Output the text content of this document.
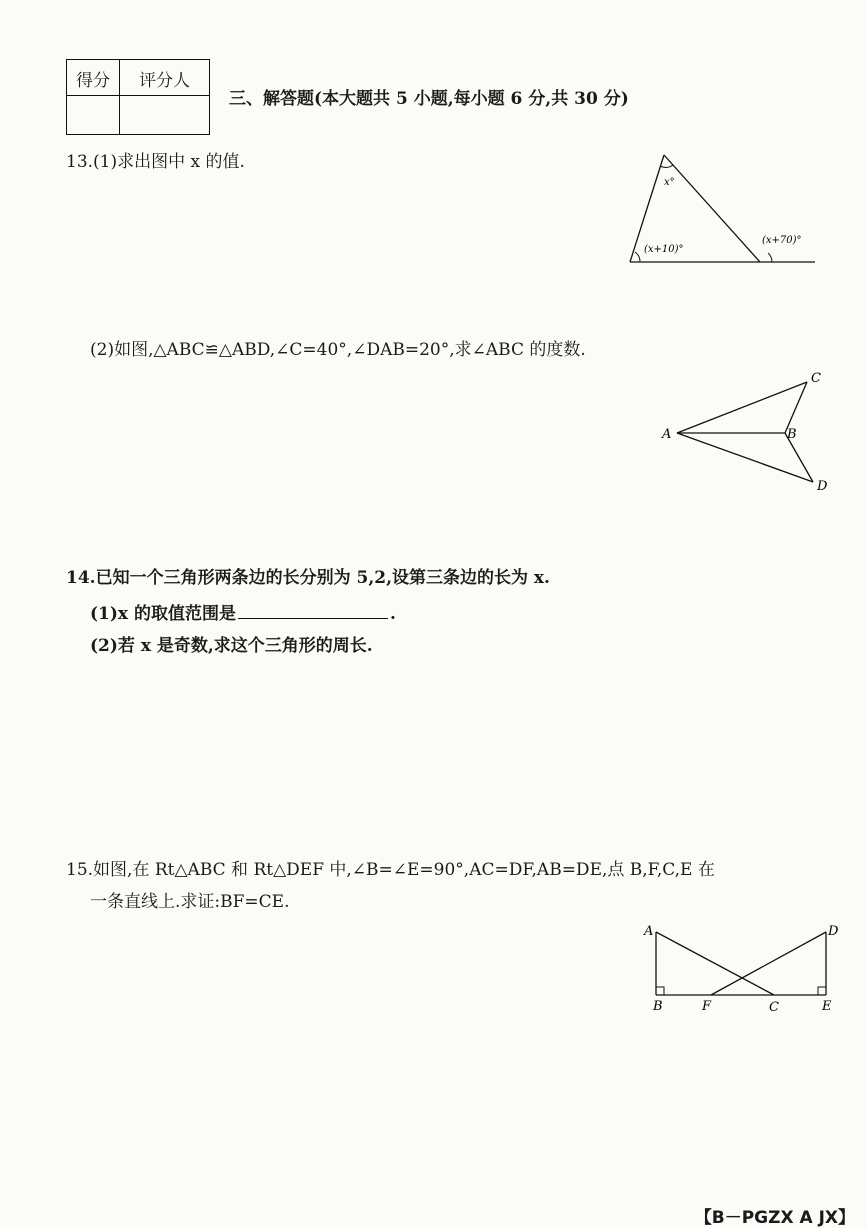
得分	评分人
三、解答题(本大题共 5 小题,每小题 6 分,共 30 分)
13.(1)求出图中 x 的值.
x°
(x+10)°
(x+70)°
(2)如图,△ABC≌△ABD,∠C=40°,∠DAB=20°,求∠ABC 的度数.
A	B
C
D
14.已知一个三角形两条边的长分别为 5,2,设第三条边的长为 x.
(1)x 的取值范围是	.
(2)若 x 是奇数,求这个三角形的周长.
15.如图,在 Rt△ABC 和 Rt△DEF 中,∠B=∠E=90°,AC=DF,AB=DE,点 B,F,C,E 在
一条直线上.求证:BF=CE.
A
B	F	C
D
E
【B－PGZX A JX】
